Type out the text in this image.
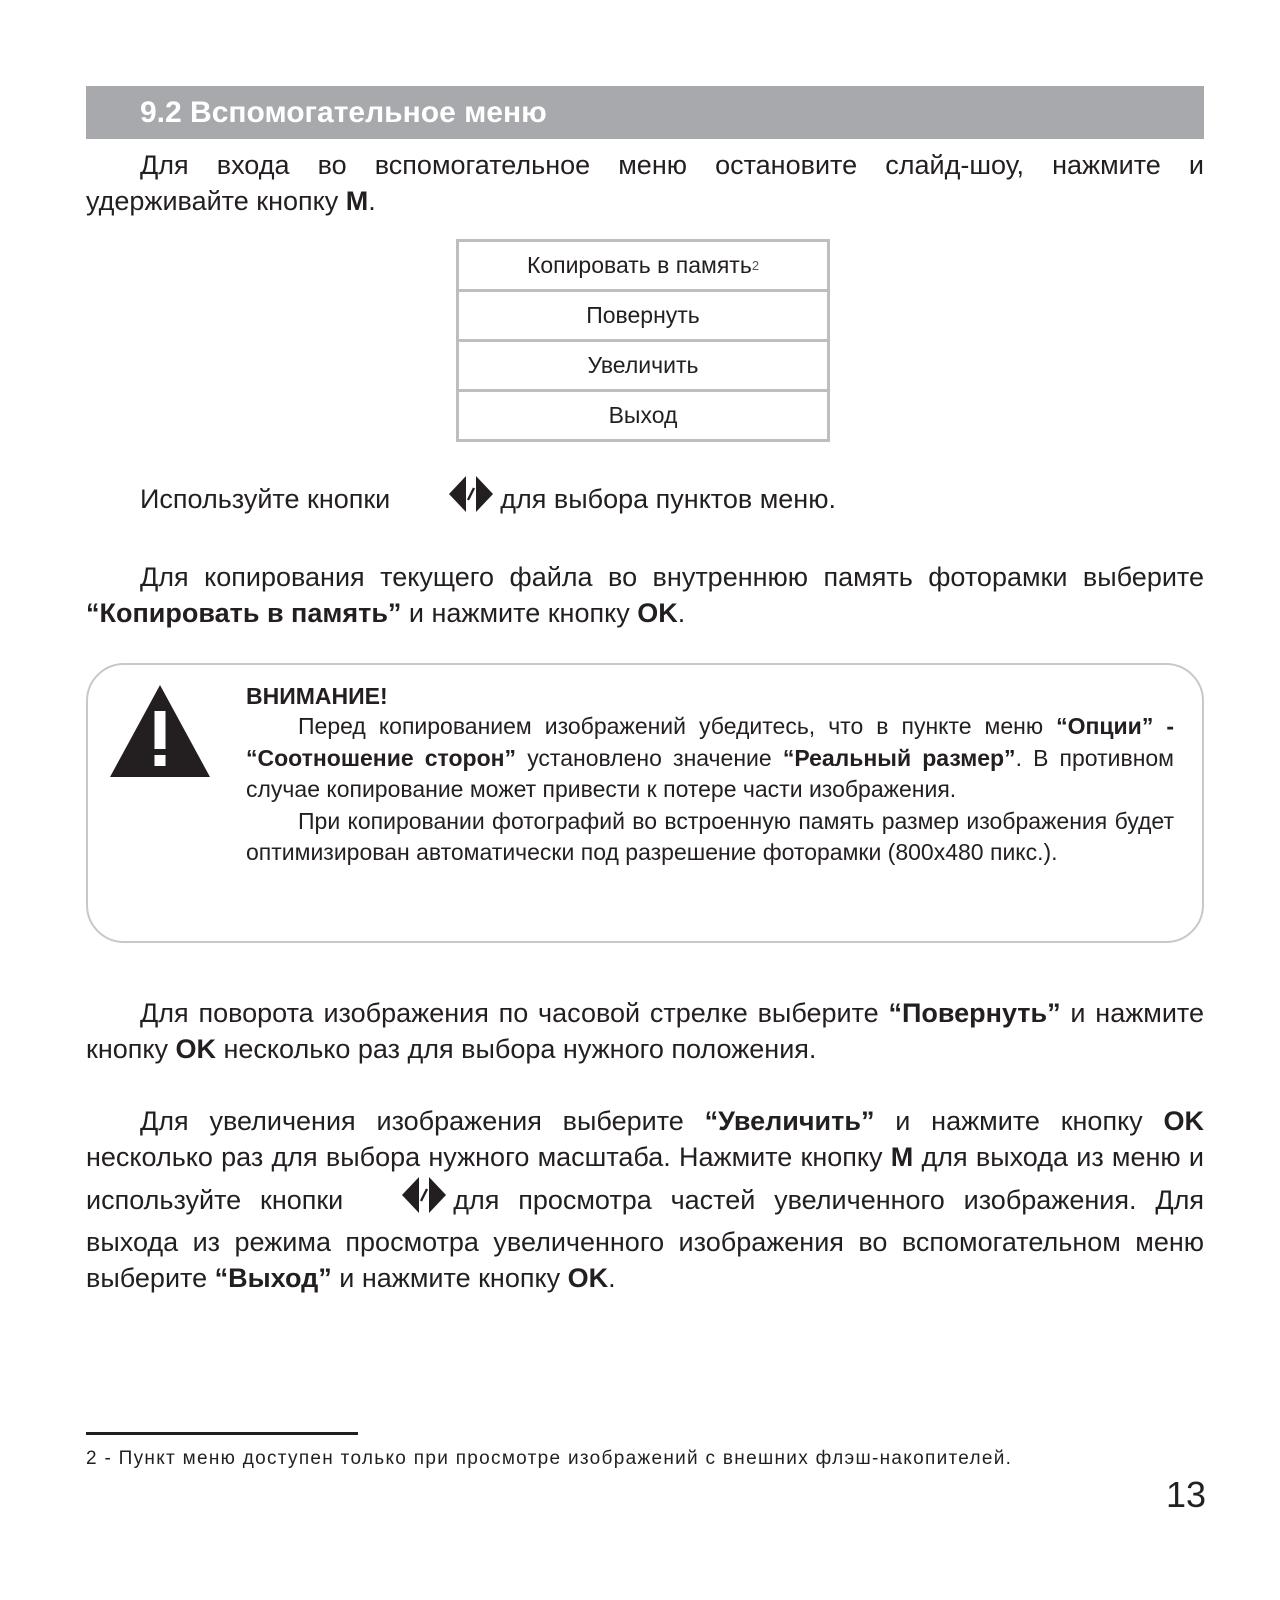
9.2 Вспомогательное меню

Для входа во вспомогательное меню остановите слайд-шоу, нажмите и удерживайте кнопку M.

Копировать в память 2
Повернуть
Увеличить
Выход

Используйте кнопки	для выбора пунктов меню.

Для копирования текущего файла во внутреннюю память фоторамки выберите “Копировать в память” и нажмите кнопку OK.

ВНИМАНИЕ!

Перед копированием изображений убедитесь, что в пункте меню “Опции” - “Соотношение сторон” установлено значение “Реальный размер”. В противном случае копирование может привести к потере части изображения.

При копировании фотографий во встроенную память размер изображения будет оптимизирован автоматически под разрешение фоторамки (800х480 пикс.).

Для поворота изображения по часовой стрелке выберите “Повернуть” и нажмите кнопку OK несколько раз для выбора нужного положения.

Для увеличения изображения выберите “Увеличить” и нажмите кнопку OK несколько раз для выбора нужного масштаба. Нажмите кнопку M для выхода из меню и используйте кнопки	для просмотра частей увеличенного изображения. Для выхода из режима просмотра увеличенного изображения во вспомогательном меню выберите “Выход” и нажмите кнопку OK.

2 - Пункт меню доступен только при просмотре изображений с внешних флэш-накопителей.
13
